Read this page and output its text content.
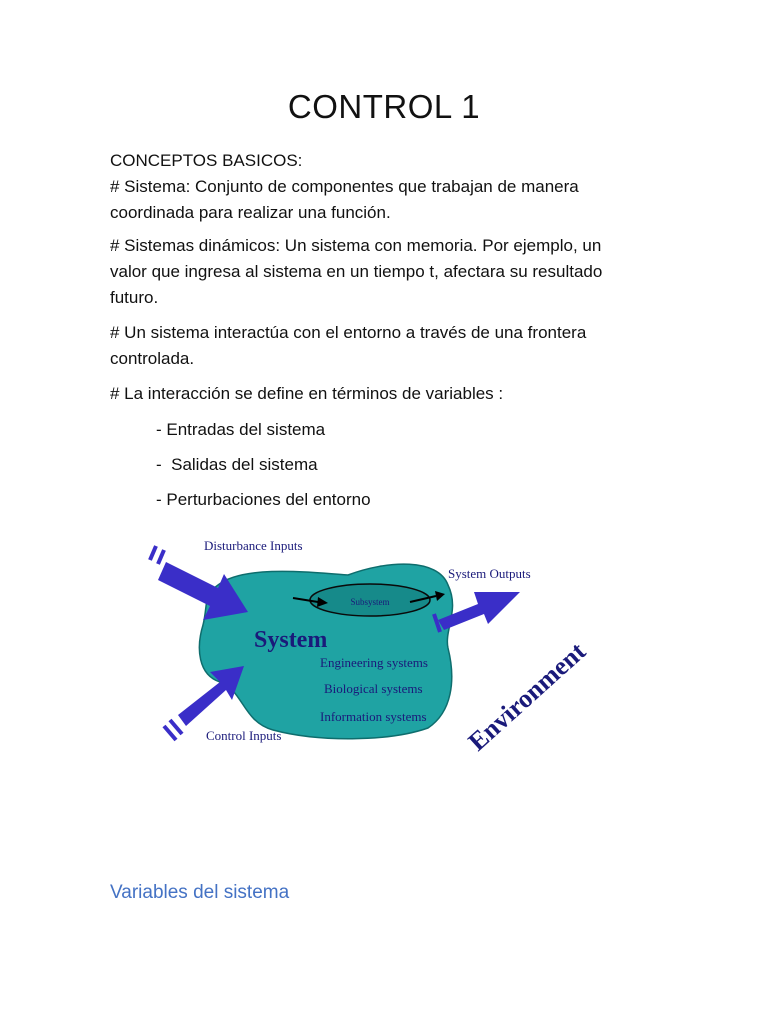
CONTROL 1
CONCEPTOS BASICOS:
# Sistema: Conjunto de componentes que trabajan de manera
coordinada para realizar una función.
# Sistemas dinámicos: Un sistema con memoria. Por ejemplo, un
valor que ingresa al sistema en un tiempo t, afectara su resultado
futuro.
# Un sistema interactúa con el entorno a través de una frontera
controlada.
# La interacción se define en términos de variables :
- Entradas del sistema
-  Salidas del sistema
- Perturbaciones del entorno
Disturbance Inputs
System Outputs
Subsystem
System
Engineering systems
Biological systems
Information systems
Control Inputs	Environment
Variables del sistema
